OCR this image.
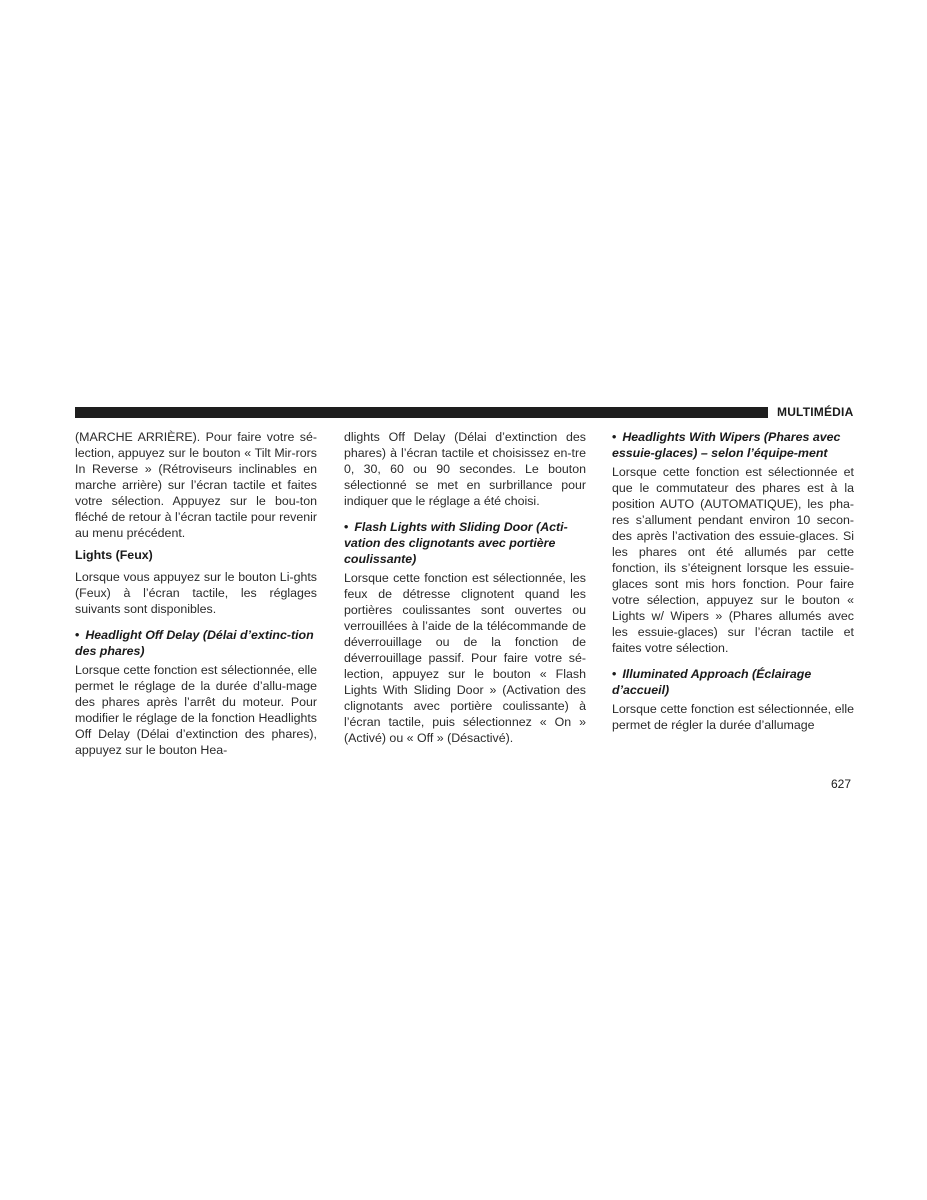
MULTIMÉDIA

(MARCHE ARRIÈRE). Pour faire votre sé-lection, appuyez sur le bouton « Tilt Mir-rors In Reverse » (Rétroviseurs inclinables en marche arrière) sur l’écran tactile et faites votre sélection. Appuyez sur le bou-ton fléché de retour à l’écran tactile pour revenir au menu précédent.

Lights (Feux)

Lorsque vous appuyez sur le bouton Li-ghts (Feux) à l’écran tactile, les réglages suivants sont disponibles.

• Headlight Off Delay (Délai d’extinc-tion des phares)

Lorsque cette fonction est sélectionnée, elle permet le réglage de la durée d’allu-mage des phares après l’arrêt du moteur. Pour modifier le réglage de la fonction Headlights Off Delay (Délai d’extinction des phares), appuyez sur le bouton Hea-

dlights Off Delay (Délai d’extinction des phares) à l’écran tactile et choisissez en-tre 0, 30, 60 ou 90 secondes. Le bouton sélectionné se met en surbrillance pour indiquer que le réglage a été choisi.

• Flash Lights with Sliding Door (Acti-vation des clignotants avec portière coulissante)

Lorsque cette fonction est sélectionnée, les feux de détresse clignotent quand les portières coulissantes sont ouvertes ou verrouillées à l’aide de la télécommande de déverrouillage ou de la fonction de déverrouillage passif. Pour faire votre sé-lection, appuyez sur le bouton « Flash Lights With Sliding Door » (Activation des clignotants avec portière coulissante) à l’écran tactile, puis sélectionnez « On » (Activé) ou « Off » (Désactivé).

• Headlights With Wipers (Phares avec essuie-glaces) – selon l’équipe-ment

Lorsque cette fonction est sélectionnée et que le commutateur des phares est à la position AUTO (AUTOMATIQUE), les pha-res s’allument pendant environ 10 secon-des après l’activation des essuie-glaces. Si les phares ont été allumés par cette fonction, ils s’éteignent lorsque les essuie-glaces sont mis hors fonction. Pour faire votre sélection, appuyez sur le bouton « Lights w/ Wipers » (Phares allumés avec les essuie-glaces) sur l’écran tactile et faites votre sélection.

• Illuminated Approach (Éclairage d’accueil)

Lorsque cette fonction est sélectionnée, elle permet de régler la durée d’allumage

627
